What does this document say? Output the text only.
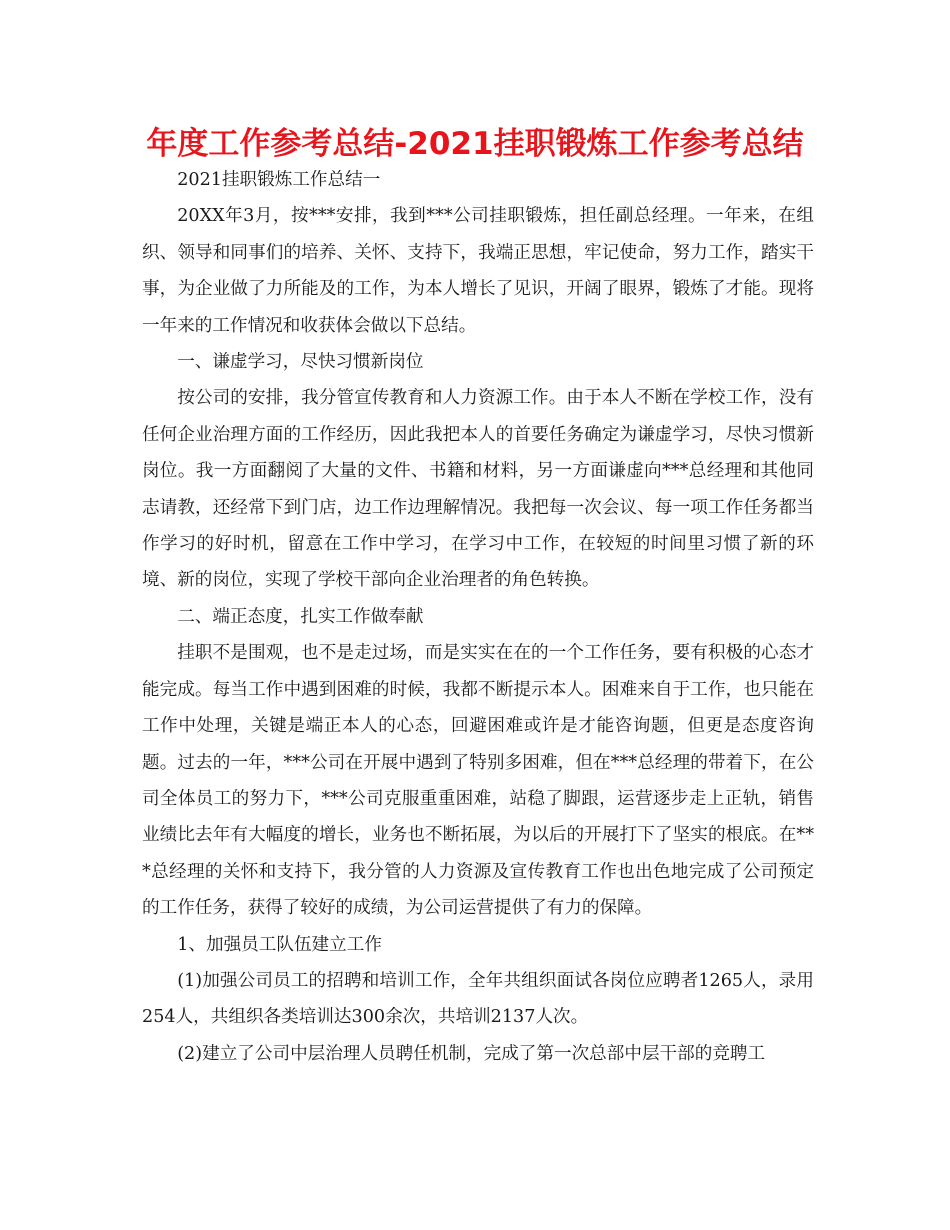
年度工作参考总结-2021挂职锻炼工作参考总结

2021挂职锻炼工作总结一

20XX年3月，按***安排，我到***公司挂职锻炼，担任副总经理。一年来，在组织、领导和同事们的培养、关怀、支持下，我端正思想，牢记使命，努力工作，踏实干事，为企业做了力所能及的工作，为本人增长了见识，开阔了眼界，锻炼了才能。现将一年来的工作情况和收获体会做以下总结。

一、谦虚学习，尽快习惯新岗位

按公司的安排，我分管宣传教育和人力资源工作。由于本人不断在学校工作，没有任何企业治理方面的工作经历，因此我把本人的首要任务确定为谦虚学习，尽快习惯新岗位。我一方面翻阅了大量的文件、书籍和材料，另一方面谦虚向***总经理和其他同志请教，还经常下到门店，边工作边理解情况。我把每一次会议、每一项工作任务都当作学习的好时机，留意在工作中学习，在学习中工作，在较短的时间里习惯了新的环境、新的岗位，实现了学校干部向企业治理者的角色转换。

二、端正态度，扎实工作做奉献

挂职不是围观，也不是走过场，而是实实在在的一个工作任务，要有积极的心态才能完成。每当工作中遇到困难的时候，我都不断提示本人。困难来自于工作，也只能在工作中处理，关键是端正本人的心态，回避困难或许是才能咨询题，但更是态度咨询题。过去的一年，***公司在开展中遇到了特别多困难，但在***总经理的带着下，在公司全体员工的努力下，***公司克服重重困难，站稳了脚跟，运营逐步走上正轨，销售业绩比去年有大幅度的增长，业务也不断拓展，为以后的开展打下了坚实的根底。在***总经理的关怀和支持下，我分管的人力资源及宣传教育工作也出色地完成了公司预定的工作任务，获得了较好的成绩，为公司运营提供了有力的保障。

1、加强员工队伍建立工作

(1)加强公司员工的招聘和培训工作，全年共组织面试各岗位应聘者1265人，录用254人，共组织各类培训达300余次，共培训2137人次。

(2)建立了公司中层治理人员聘任机制，完成了第一次总部中层干部的竞聘工
